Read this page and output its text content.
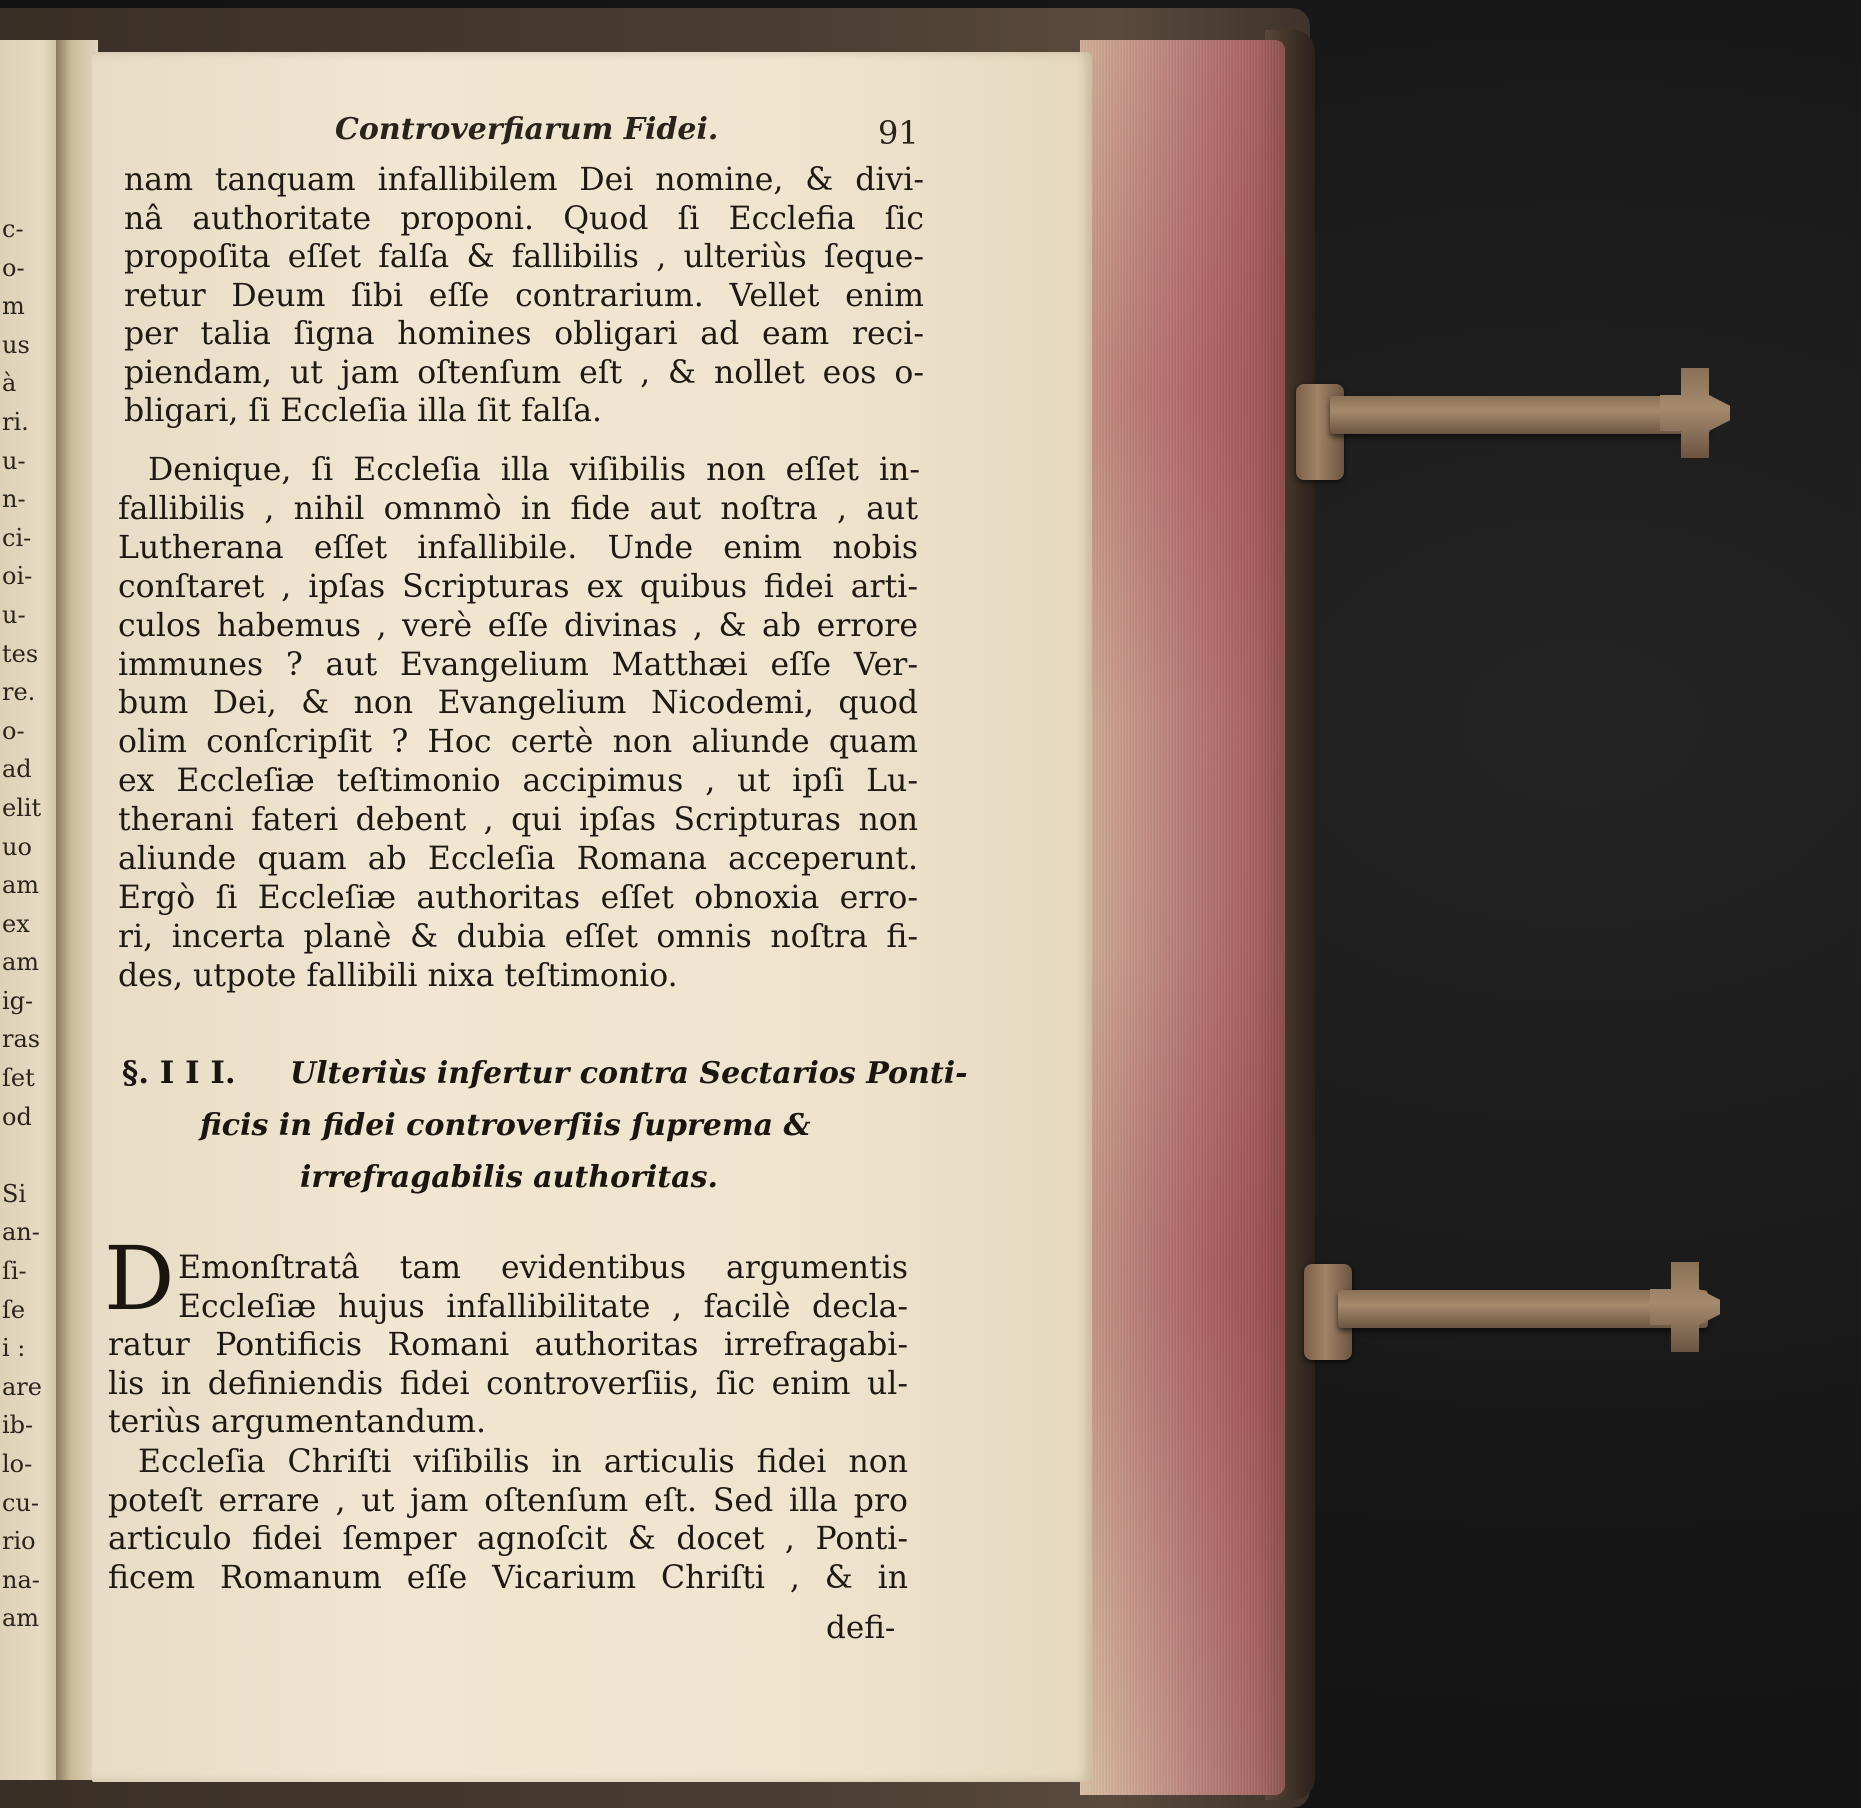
c-
o-
m
us
à
ri.
u-
n-
ci-
oi-
u-
tes
re.
o-
ad
elit
uo
am
ex
am
ig-
ras
ſet
od
Si
an-
ſi-
ſe
i :
are
ib-
lo-
cu-
rio
na-
am
Controverfiarum Fidei.	91
nam tanquam infallibilem Dei nomine, & divi-
nâ authoritate proponi. Quod ſi Ecclefia ſic
propoſita eſſet falſa & fallibilis , ulteriùs ſeque-
retur Deum ſibi eſſe contrarium. Vellet enim
per talia ſigna homines obligari ad eam reci-
piendam, ut jam oſtenſum eſt , & nollet eos o-
bligari, ſi Eccleſia illa ſit falſa.
Denique, ſi Eccleſia illa viſibilis non eſſet in-
fallibilis , nihil omnmò in fide aut noſtra , aut
Lutherana eſſet infallibile. Unde enim nobis
conſtaret , ipſas Scripturas ex quibus fidei arti-
culos habemus , verè eſſe divinas , & ab errore
immunes ? aut Evangelium Matthæi eſſe Ver-
bum Dei, & non Evangelium Nicodemi, quod
olim conſcripſit ? Hoc certè non aliunde quam
ex Eccleſiæ teſtimonio accipimus , ut ipſi Lu-
therani fateri debent , qui ipſas Scripturas non
aliunde quam ab Eccleſia Romana acceperunt.
Ergò ſi Eccleſiæ authoritas eſſet obnoxia erro-
ri, incerta planè & dubia eſſet omnis noſtra fi-
des, utpote fallibili nixa teſtimonio.
Ulteriùs infertur contra Sectarios Ponti-
ficis in fidei controverſiis ſuprema &
irrefragabilis authoritas.
Emonſtratâ tam evidentibus argumentis
Eccleſiæ hujus infallibilitate , facilè decla-
ratur Pontificis Romani authoritas irrefragabi-
lis in definiendis fidei controverſiis, ſic enim ul-
teriùs argumentandum.
Eccleſia Chriſti viſibilis in articulis fidei non
poteſt errare , ut jam oſtenſum eſt. Sed illa pro
articulo fidei ſemper agnoſcit & docet , Ponti-
ficem Romanum eſſe Vicarium Chriſti , & in
§. I I I.
D
defi-
